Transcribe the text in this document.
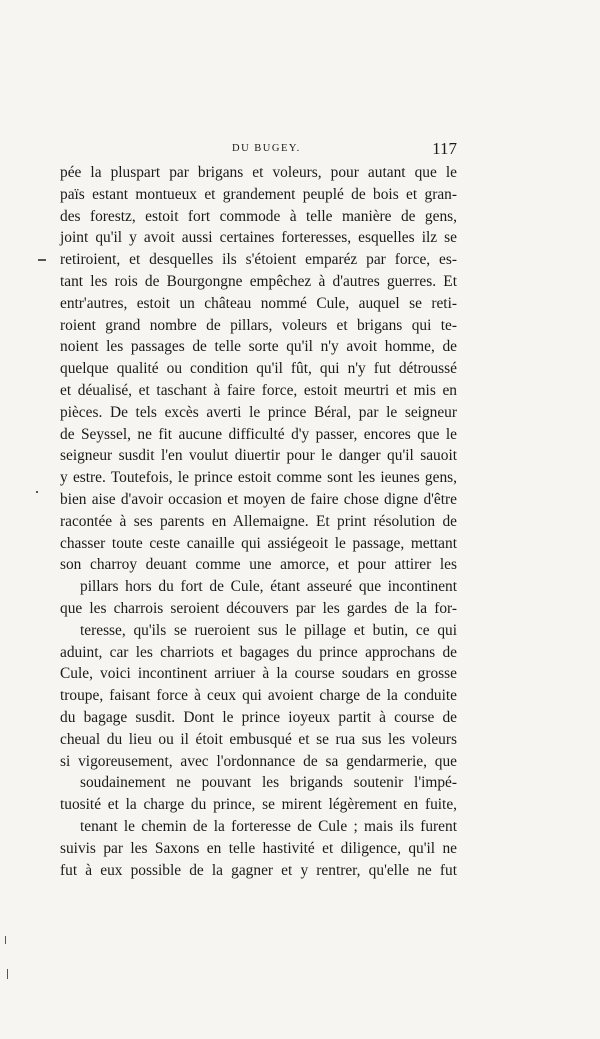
DU BUGEY.	117
pée la pluspart par brigans et voleurs, pour autant que le
païs estant montueux et grandement peuplé de bois et gran-
des forestz, estoit fort commode à telle manière de gens,
joint qu'il y avoit aussi certaines forteresses, esquelles ilz se
retiroient, et desquelles ils s'étoient emparéz par force, es-
tant les rois de Bourgongne empêchez à d'autres guerres. Et
entr'autres, estoit un château nommé Cule, auquel se reti-
roient grand nombre de pillars, voleurs et brigans qui te-
noient les passages de telle sorte qu'il n'y avoit homme, de
quelque qualité ou condition qu'il fût, qui n'y fut détroussé
et déualisé, et taschant à faire force, estoit meurtri et mis en
pièces. De tels excès averti le prince Béral, par le seigneur
de Seyssel, ne fit aucune difficulté d'y passer, encores que le
seigneur susdit l'en voulut diuertir pour le danger qu'il sauoit
y estre. Toutefois, le prince estoit comme sont les ieunes gens,
bien aise d'avoir occasion et moyen de faire chose digne d'être
racontée à ses parents en Allemaigne. Et print résolution de
chasser toute ceste canaille qui assiégeoit le passage, mettant
son charroy deuant comme une amorce, et pour attirer les
pillars hors du fort de Cule, étant asseuré que incontinent
que les charrois seroient découvers par les gardes de la for-
teresse, qu'ils se rueroient sus le pillage et butin, ce qui
aduint, car les charriots et bagages du prince approchans de
Cule, voici incontinent arriuer à la course soudars en grosse
troupe, faisant force à ceux qui avoient charge de la conduite
du bagage susdit. Dont le prince ioyeux partit à course de
cheual du lieu ou il étoit embusqué et se rua sus les voleurs
si vigoreusement, avec l'ordonnance de sa gendarmerie, que
soudainement ne pouvant les brigands soutenir l'impé-
tuosité et la charge du prince, se mirent légèrement en fuite,
tenant le chemin de la forteresse de Cule ; mais ils furent
suivis par les Saxons en telle hastivité et diligence, qu'il ne
fut à eux possible de la gagner et y rentrer, qu'elle ne fut
